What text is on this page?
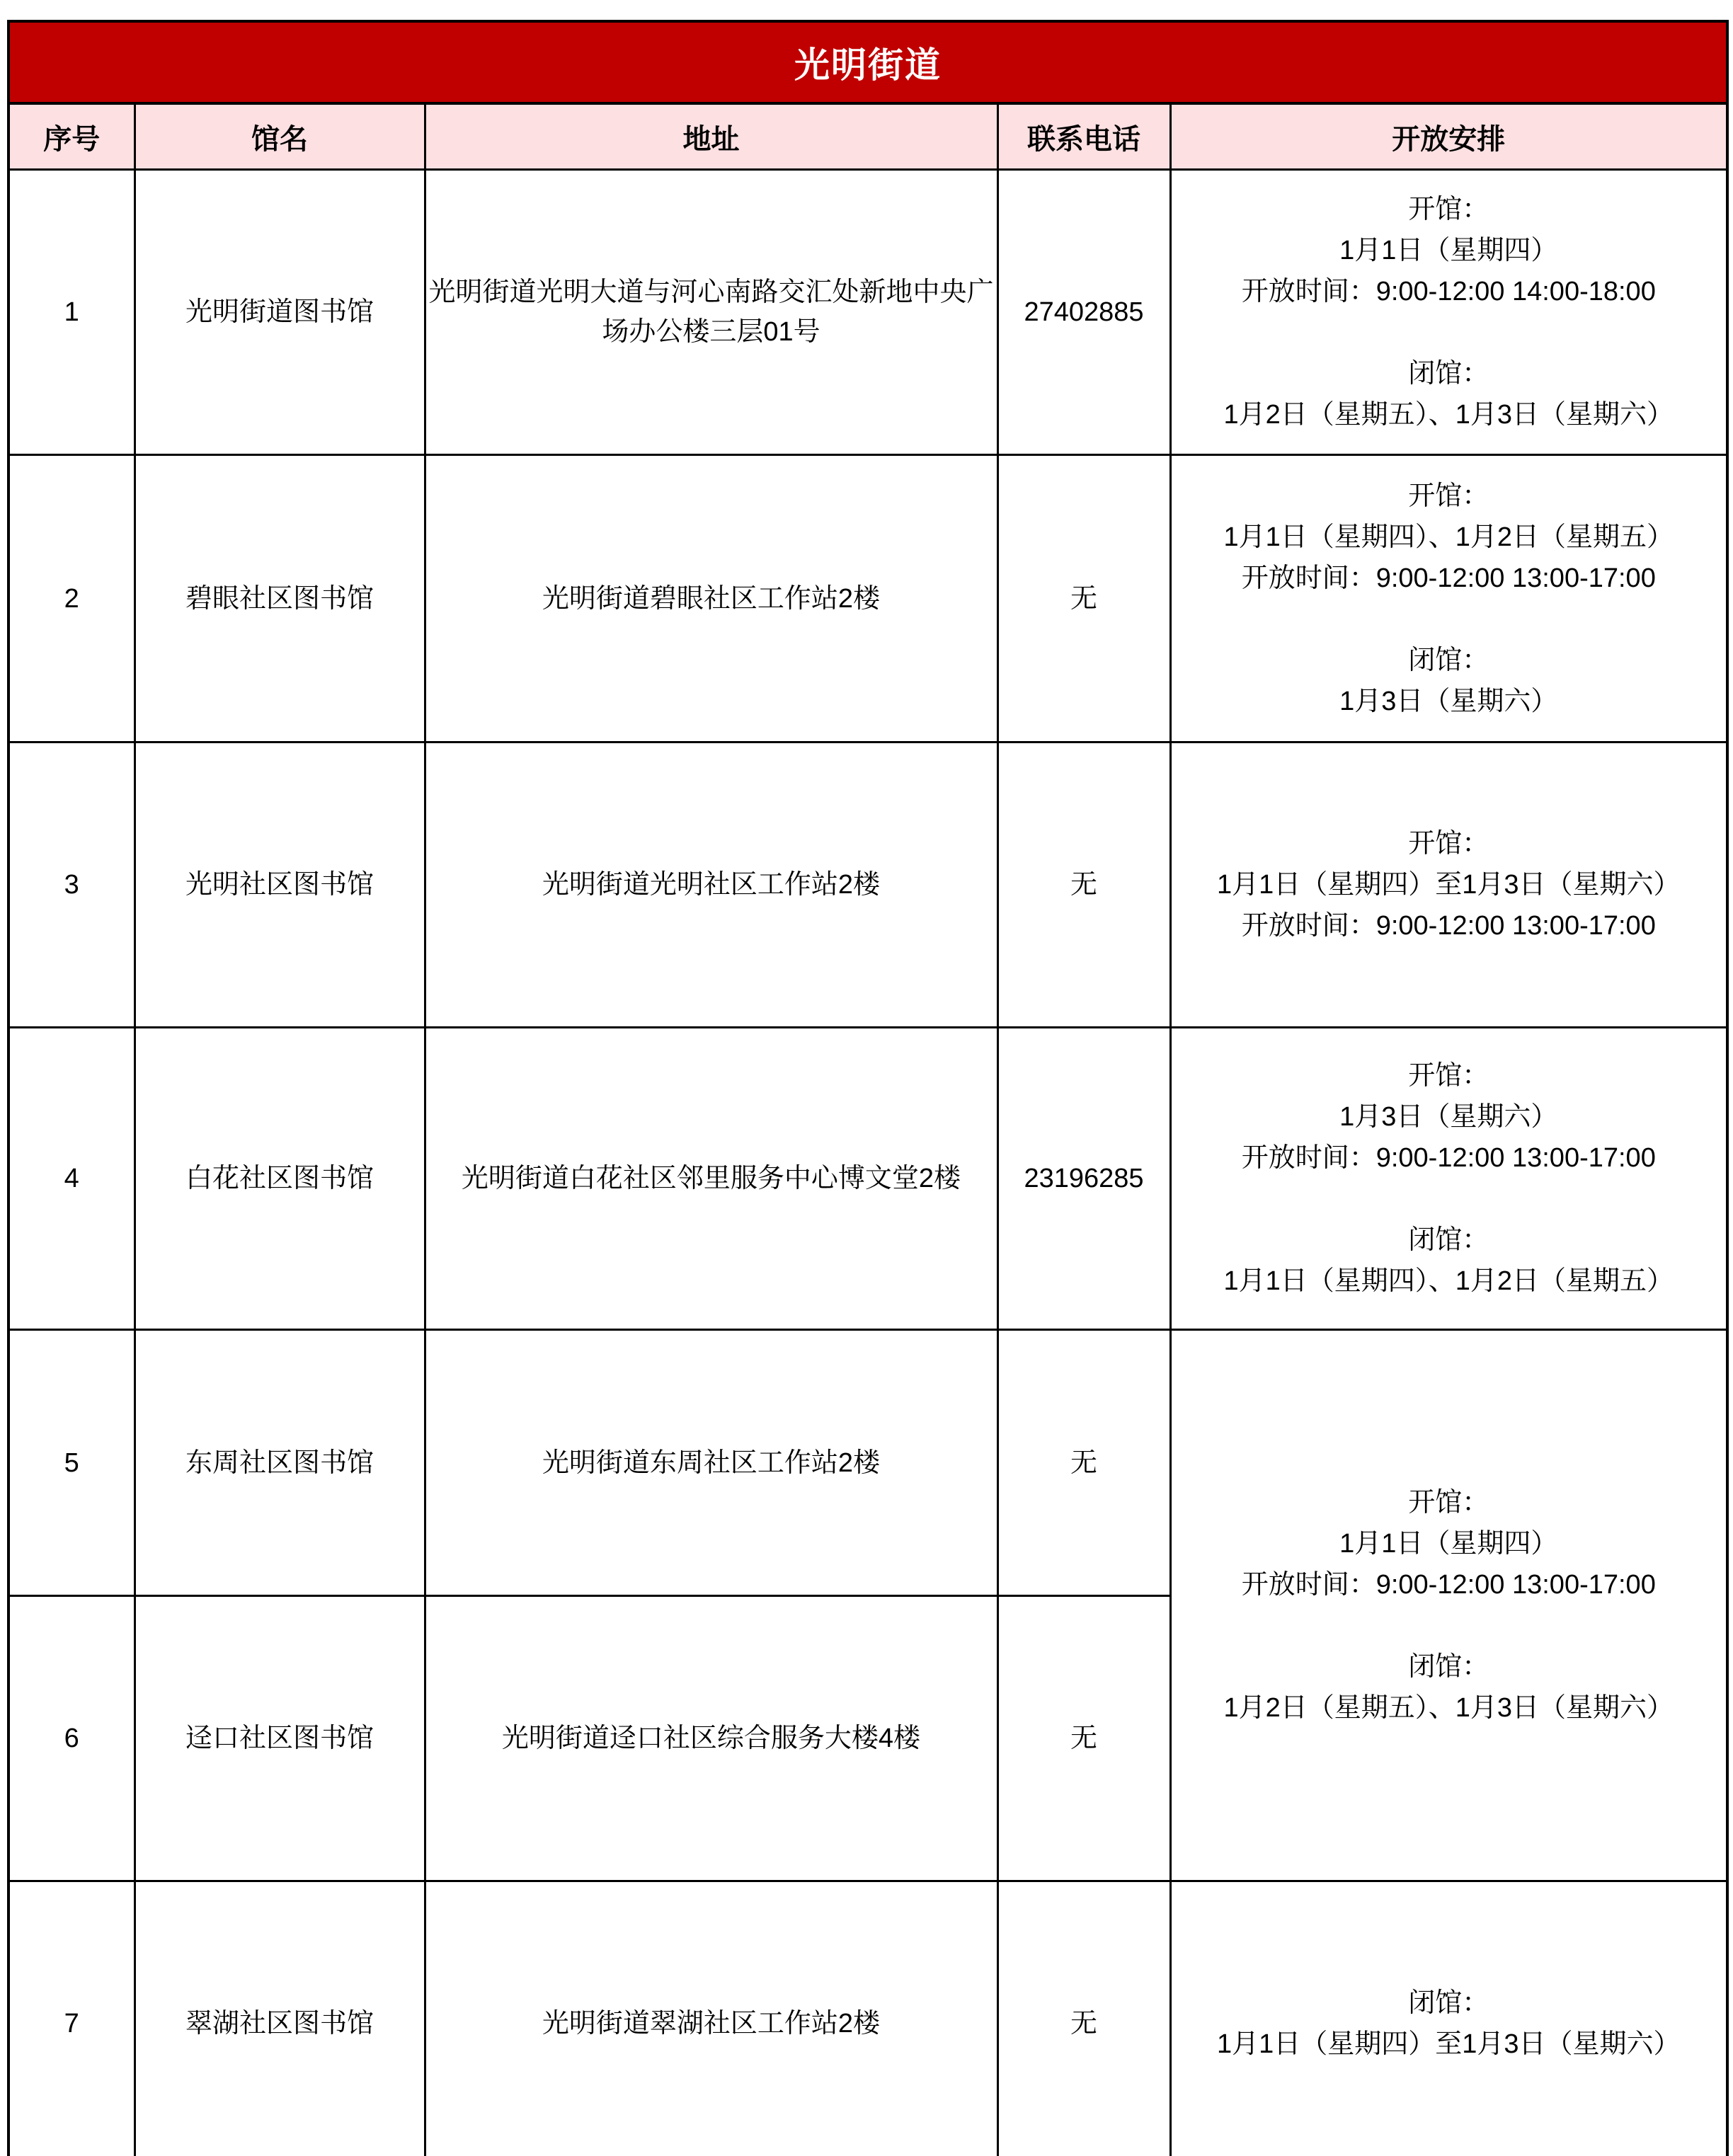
光明街道				
序号	馆名	地址	联系电话	开放安排
1	光明街道图书馆	光明街道光明大道与河心南路交汇处新地中央广场办公楼三层01号	27402885	开馆：
1月1日（星期四）
开放时间：9:00-12:00 14:00-18:00
闭馆：
1月2日（星期五）、1月3日（星期六）

2	碧眼社区图书馆	光明街道碧眼社区工作站2楼	无	开馆：
1月1日（星期四）、1月2日（星期五）
开放时间：9:00-12:00 13:00-17:00
闭馆：
1月3日（星期六）

3	光明社区图书馆	光明街道光明社区工作站2楼	无	开馆：
1月1日（星期四）至1月3日（星期六）
开放时间：9:00-12:00 13:00-17:00

4	白花社区图书馆	光明街道白花社区邻里服务中心博文堂2楼	23196285	开馆：
1月3日（星期六）
开放时间：9:00-12:00 13:00-17:00
闭馆：
1月1日（星期四）、1月2日（星期五）

5	东周社区图书馆	光明街道东周社区工作站2楼	无	开馆：
1月1日（星期四）
开放时间：9:00-12:00 13:00-17:00
闭馆：
1月2日（星期五）、1月3日（星期六）

6	迳口社区图书馆	光明街道迳口社区综合服务大楼4楼	无	
7	翠湖社区图书馆	光明街道翠湖社区工作站2楼	无	闭馆：
1月1日（星期四）至1月3日（星期六）
